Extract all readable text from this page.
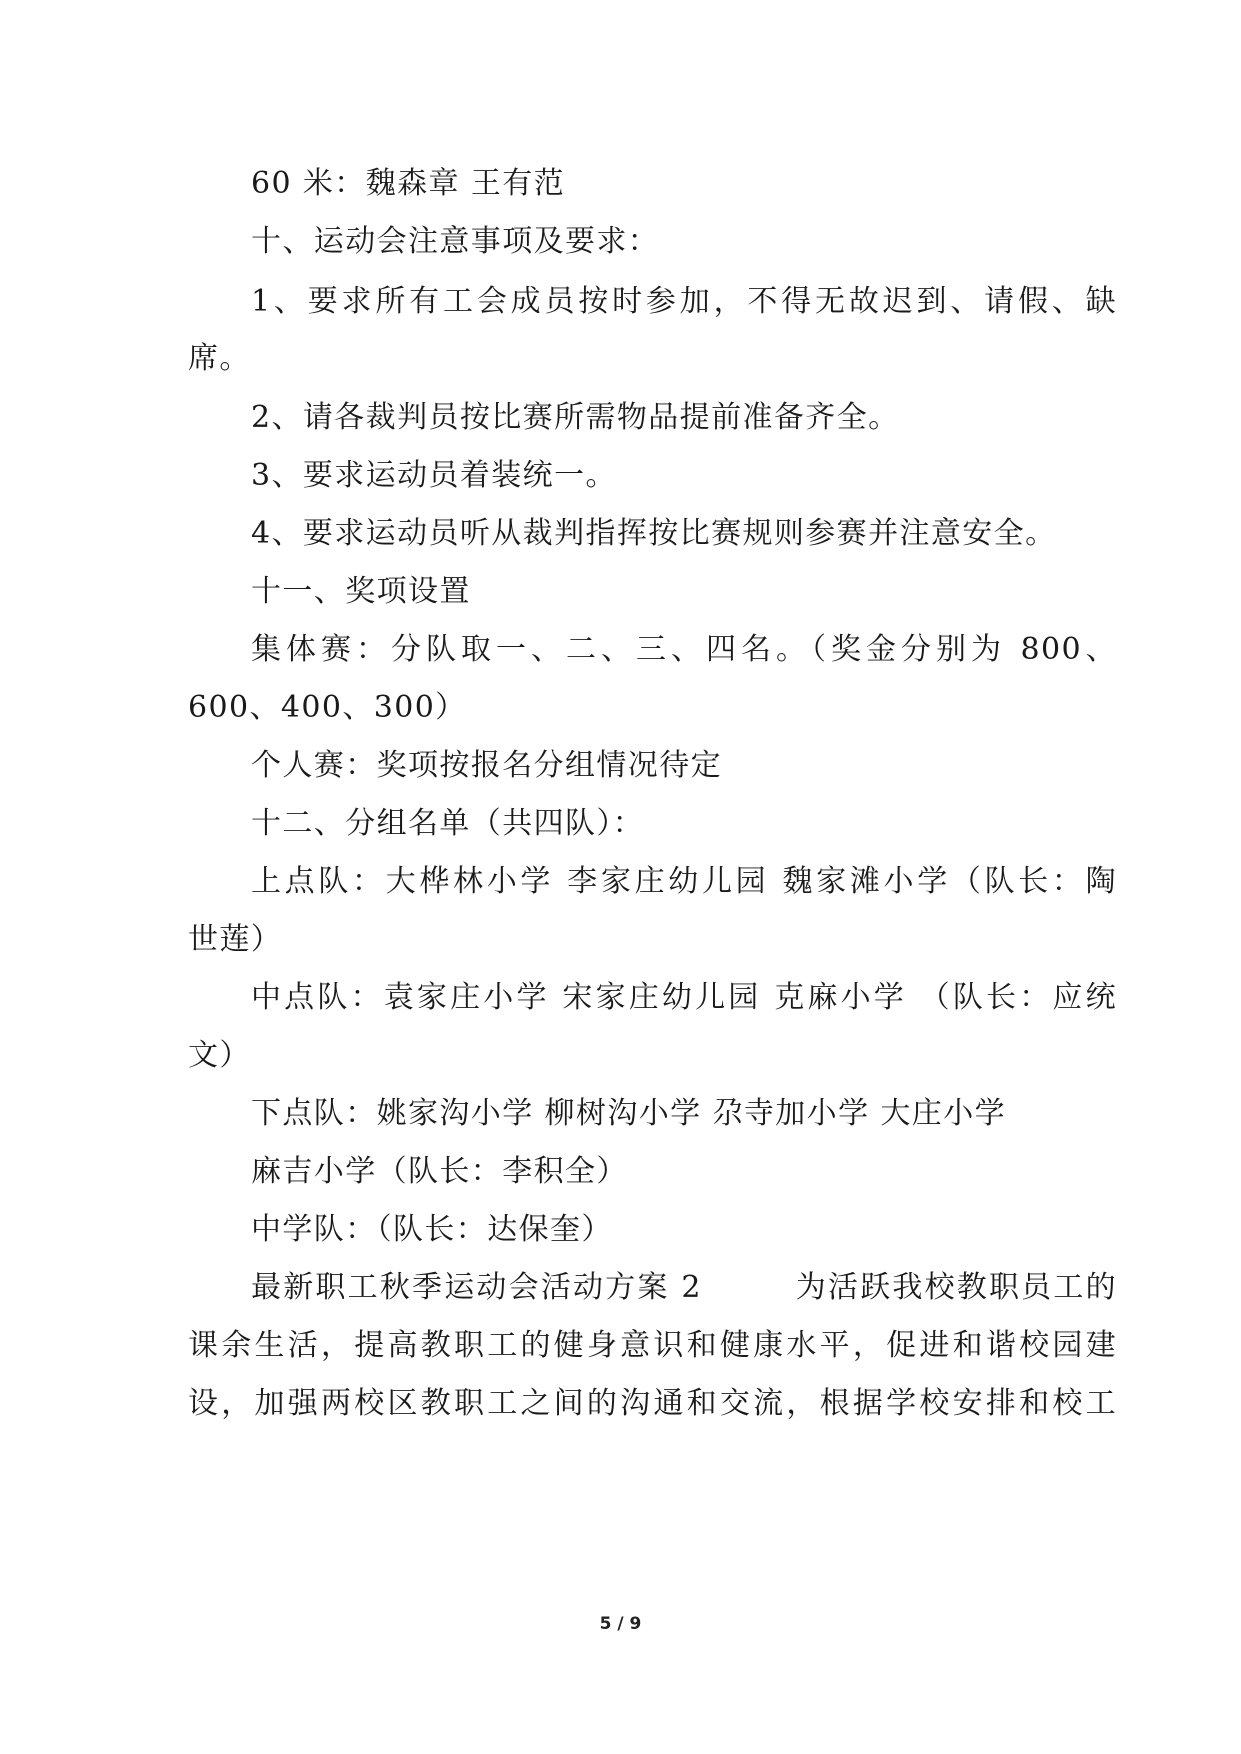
60 米：魏森章 王有范
十、运动会注意事项及要求：
1、要求所有工会成员按时参加，不得无故迟到、请假、缺
席。
2、请各裁判员按比赛所需物品提前准备齐全。
3、要求运动员着装统一。
4、要求运动员听从裁判指挥按比赛规则参赛并注意安全。
十一、奖项设置
集体赛：分队取一、二、三、四名。（奖金分别为 800、
600、400、300）
个人赛：奖项按报名分组情况待定
十二、分组名单（共四队）：
上点队：大桦林小学 李家庄幼儿园 魏家滩小学（队长：陶
世莲）
中点队：袁家庄小学 宋家庄幼儿园 克麻小学 （队长：应统
文）
下点队：姚家沟小学 柳树沟小学 尕寺加小学 大庄小学
麻吉小学（队长：李积全）
中学队：（队长：达保奎）
最新职工秋季运动会活动方案 2        为活跃我校教职员工的
课余生活，提高教职工的健身意识和健康水平，促进和谐校园建
设，加强两校区教职工之间的沟通和交流，根据学校安排和校工
5 / 9
